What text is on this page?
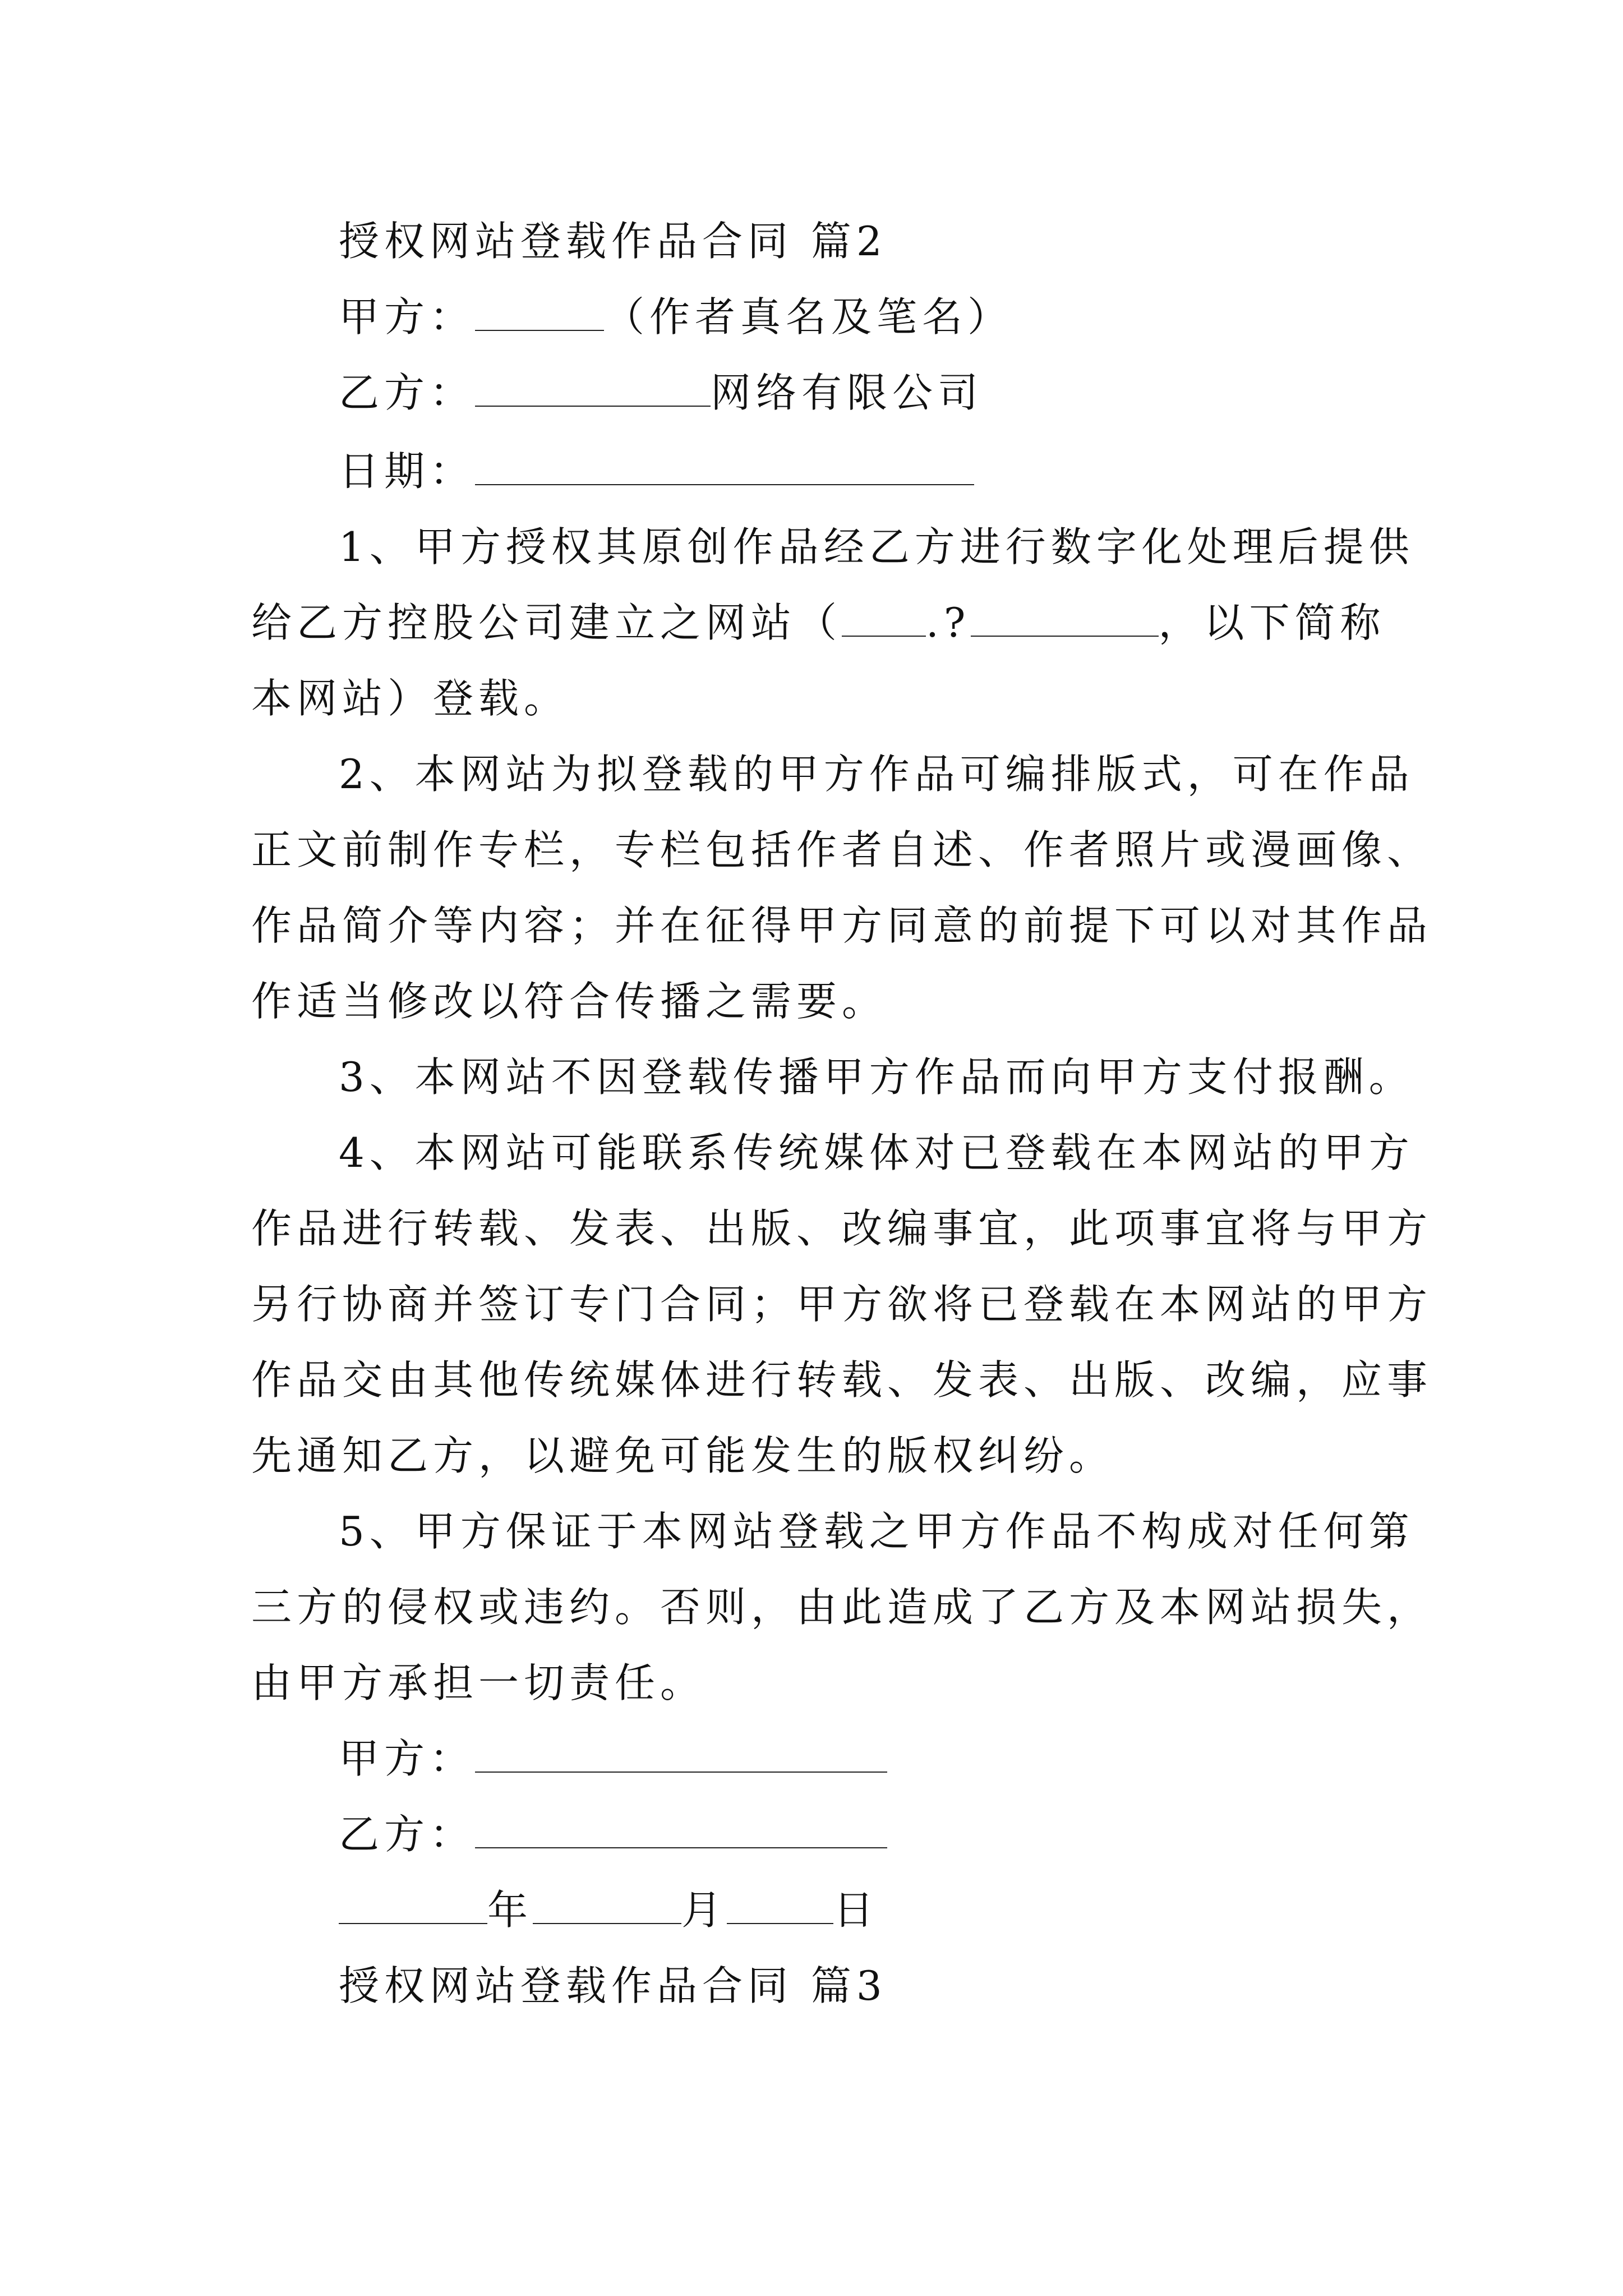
授权网站登载作品合同 篇2
甲方：	（作者真名及笔名）
乙方：	网络有限公司
日期：
1、甲方授权其原创作品经乙方进行数字化处理后提供
给乙方控股公司建立之网站（ .?	，以下简称
本网站）登载。
2、本网站为拟登载的甲方作品可编排版式，可在作品
正文前制作专栏，专栏包括作者自述、作者照片或漫画像、
作品简介等内容；并在征得甲方同意的前提下可以对其作品
作适当修改以符合传播之需要。
3、本网站不因登载传播甲方作品而向甲方支付报酬。
4、本网站可能联系传统媒体对已登载在本网站的甲方
作品进行转载、发表、出版、改编事宜，此项事宜将与甲方
另行协商并签订专门合同；甲方欲将已登载在本网站的甲方
作品交由其他传统媒体进行转载、发表、出版、改编，应事
先通知乙方，以避免可能发生的版权纠纷。
5、甲方保证于本网站登载之甲方作品不构成对任何第
三方的侵权或违约。否则，由此造成了乙方及本网站损失，
由甲方承担一切责任。
甲方：
乙方：
年	月	日
授权网站登载作品合同 篇3
